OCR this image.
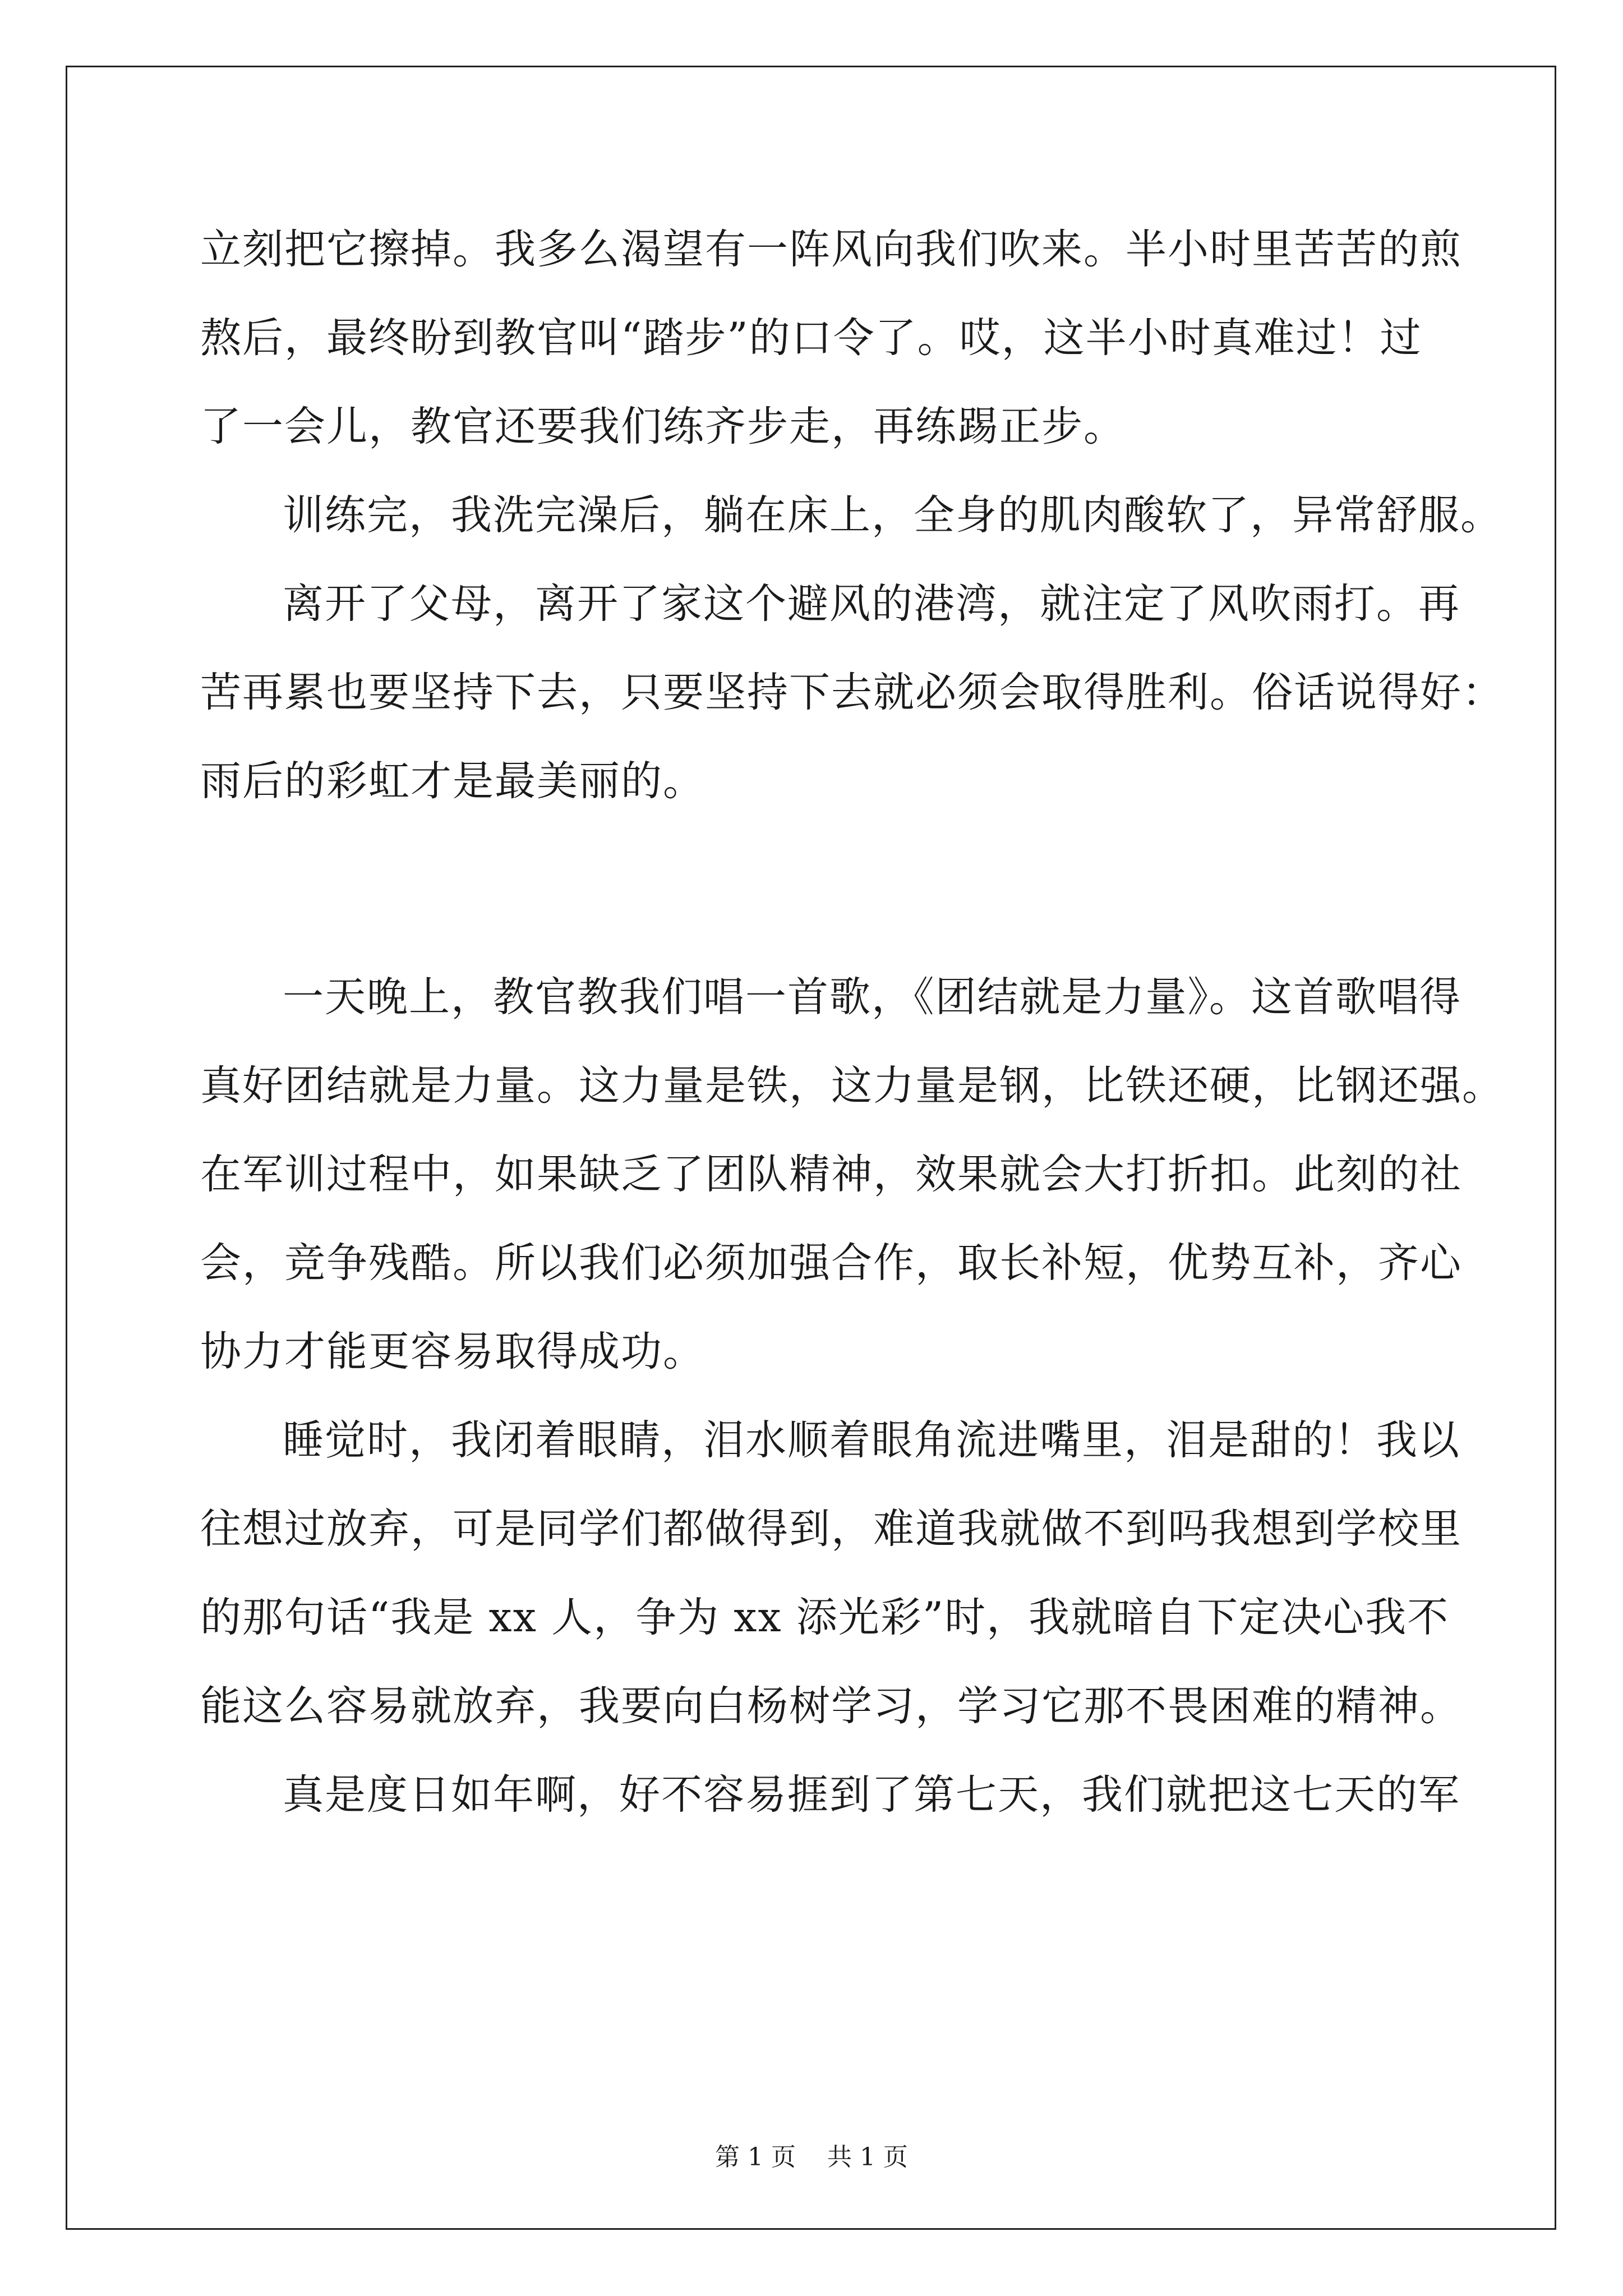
立刻把它擦掉。我多么渴望有一阵风向我们吹来。半小时里苦苦的煎
熬后，最终盼到教官叫“踏步”的口令了。哎，这半小时真难过！过
了一会儿，教官还要我们练齐步走，再练踢正步。
训练完，我洗完澡后，躺在床上，全身的肌肉酸软了，异常舒服。
离开了父母，离开了家这个避风的港湾，就注定了风吹雨打。再
苦再累也要坚持下去，只要坚持下去就必须会取得胜利。俗话说得好：
雨后的彩虹才是最美丽的。
一天晚上，教官教我们唱一首歌，《团结就是力量》。这首歌唱得
真好团结就是力量。这力量是铁，这力量是钢，比铁还硬，比钢还强。
在军训过程中，如果缺乏了团队精神，效果就会大打折扣。此刻的社
会，竞争残酷。所以我们必须加强合作，取长补短，优势互补，齐心
协力才能更容易取得成功。
睡觉时，我闭着眼睛，泪水顺着眼角流进嘴里，泪是甜的！我以
往想过放弃，可是同学们都做得到，难道我就做不到吗我想到学校里
的那句话“我是 xx 人，争为 xx 添光彩”时，我就暗自下定决心我不
能这么容易就放弃，我要向白杨树学习，学习它那不畏困难的精神。
真是度日如年啊，好不容易捱到了第七天，我们就把这七天的军
第 1 页    共 1 页
